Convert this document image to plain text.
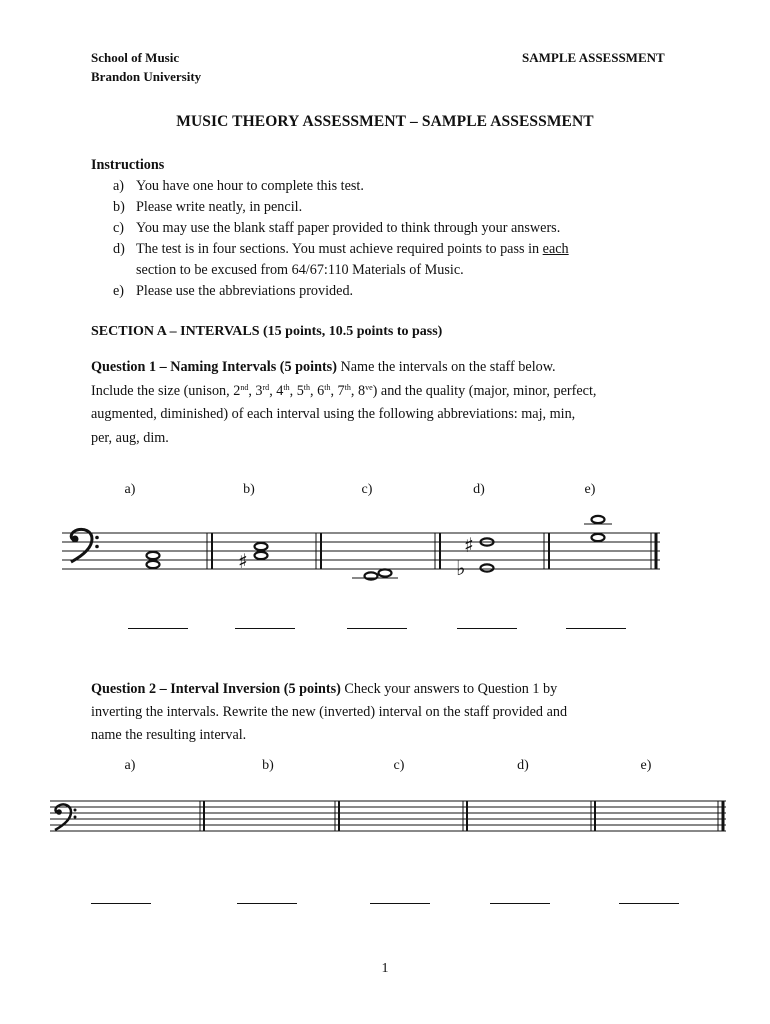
School of Music
Brandon University
SAMPLE ASSESSMENT
MUSIC THEORY ASSESSMENT – SAMPLE ASSESSMENT
Instructions
a) You have one hour to complete this test.
b) Please write neatly, in pencil.
c) You may use the blank staff paper provided to think through your answers.
d) The test is in four sections. You must achieve required points to pass in each
section to be excused from 64/67:110 Materials of Music.
e) Please use the abbreviations provided.
SECTION A – INTERVALS (15 points, 10.5 points to pass)
Question 1 – Naming Intervals (5 points) Name the intervals on the staff below.
Include the size (unison, 2nd, 3rd, 4th, 5th, 6th, 7th, $8^{ve}$) and the quality (major, minor, perfect,
augmented, diminished) of each interval using the following abbreviations: maj, min,
per, aug, dim.
a)	b)	c)	d)	e)
♯
♯
♭
Question 2 – Interval Inversion (5 points) Check your answers to Question 1 by
inverting the intervals. Rewrite the new (inverted) interval on the staff provided and
name the resulting interval.
a)	b)	c)	d)	e)
1
